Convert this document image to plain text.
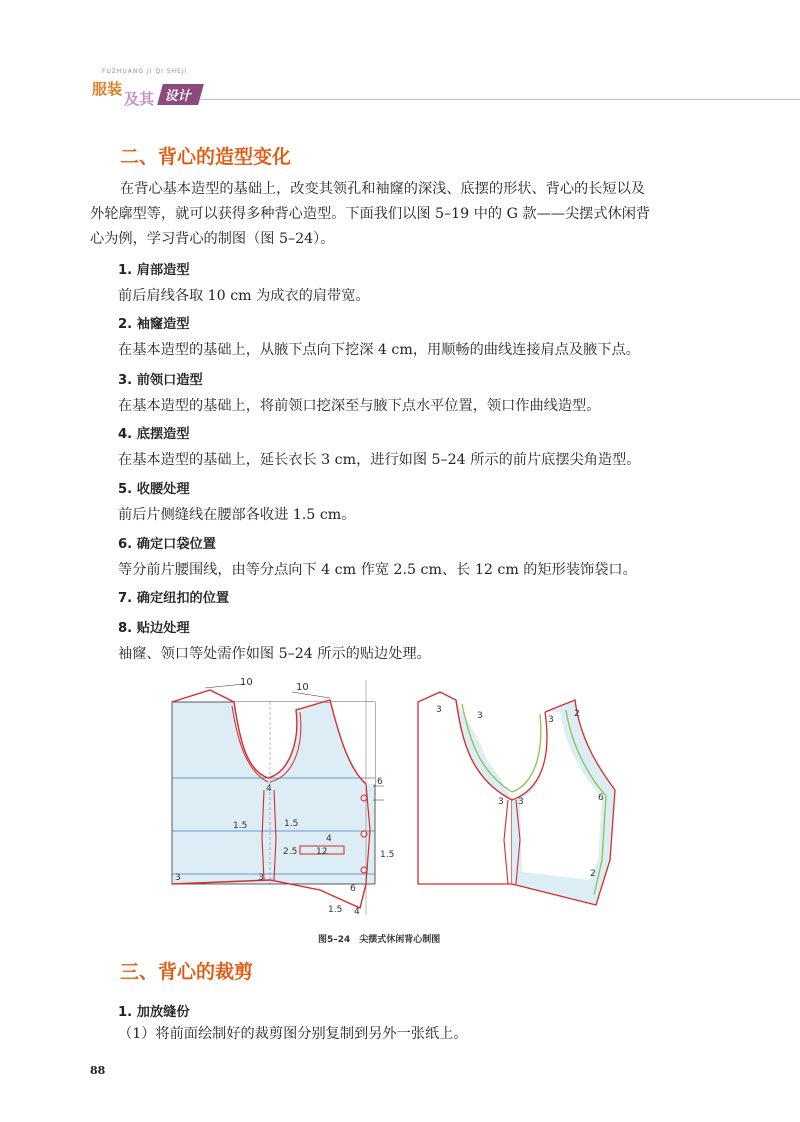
FUZHUANG JI QI SHEJI
服装
及其 设计
二、背心的造型变化

在背心基本造型的基础上，改变其领孔和袖窿的深浅、底摆的形状、背心的长短以及

外轮廓型等，就可以获得多种背心造型。下面我们以图 5–19 中的 G 款——尖摆式休闲背

心为例，学习背心的制图（图 5–24）。

1. 肩部造型

前后肩线各取 10 cm 为成衣的肩带宽。

2. 袖窿造型

在基本造型的基础上，从腋下点向下挖深 4 cm，用顺畅的曲线连接肩点及腋下点。

3. 前领口造型

在基本造型的基础上，将前领口挖深至与腋下点水平位置，领口作曲线造型。

4. 底摆造型

在基本造型的基础上，延长衣长 3 cm，进行如图 5–24 所示的前片底摆尖角造型。

5. 收腰处理

前后片侧缝线在腰部各收进 1.5 cm。

6. 确定口袋位置

等分前片腰围线，由等分点向下 4 cm 作宽 2.5 cm、长 12 cm 的矩形装饰袋口。

7. 确定纽扣的位置
8. 贴边处理

袖窿、领口等处需作如图 5–24 所示的贴边处理。

10	10
4
6
1.5	1.5
4
2.5 12	1.5
3	3
6
1.5 4
3
3
3 3
3
2
6
2
图5–24　尖摆式休闲背心制图
三、背心的裁剪
1. 加放缝份

（1）将前面绘制好的裁剪图分别复制到另外一张纸上。

88
